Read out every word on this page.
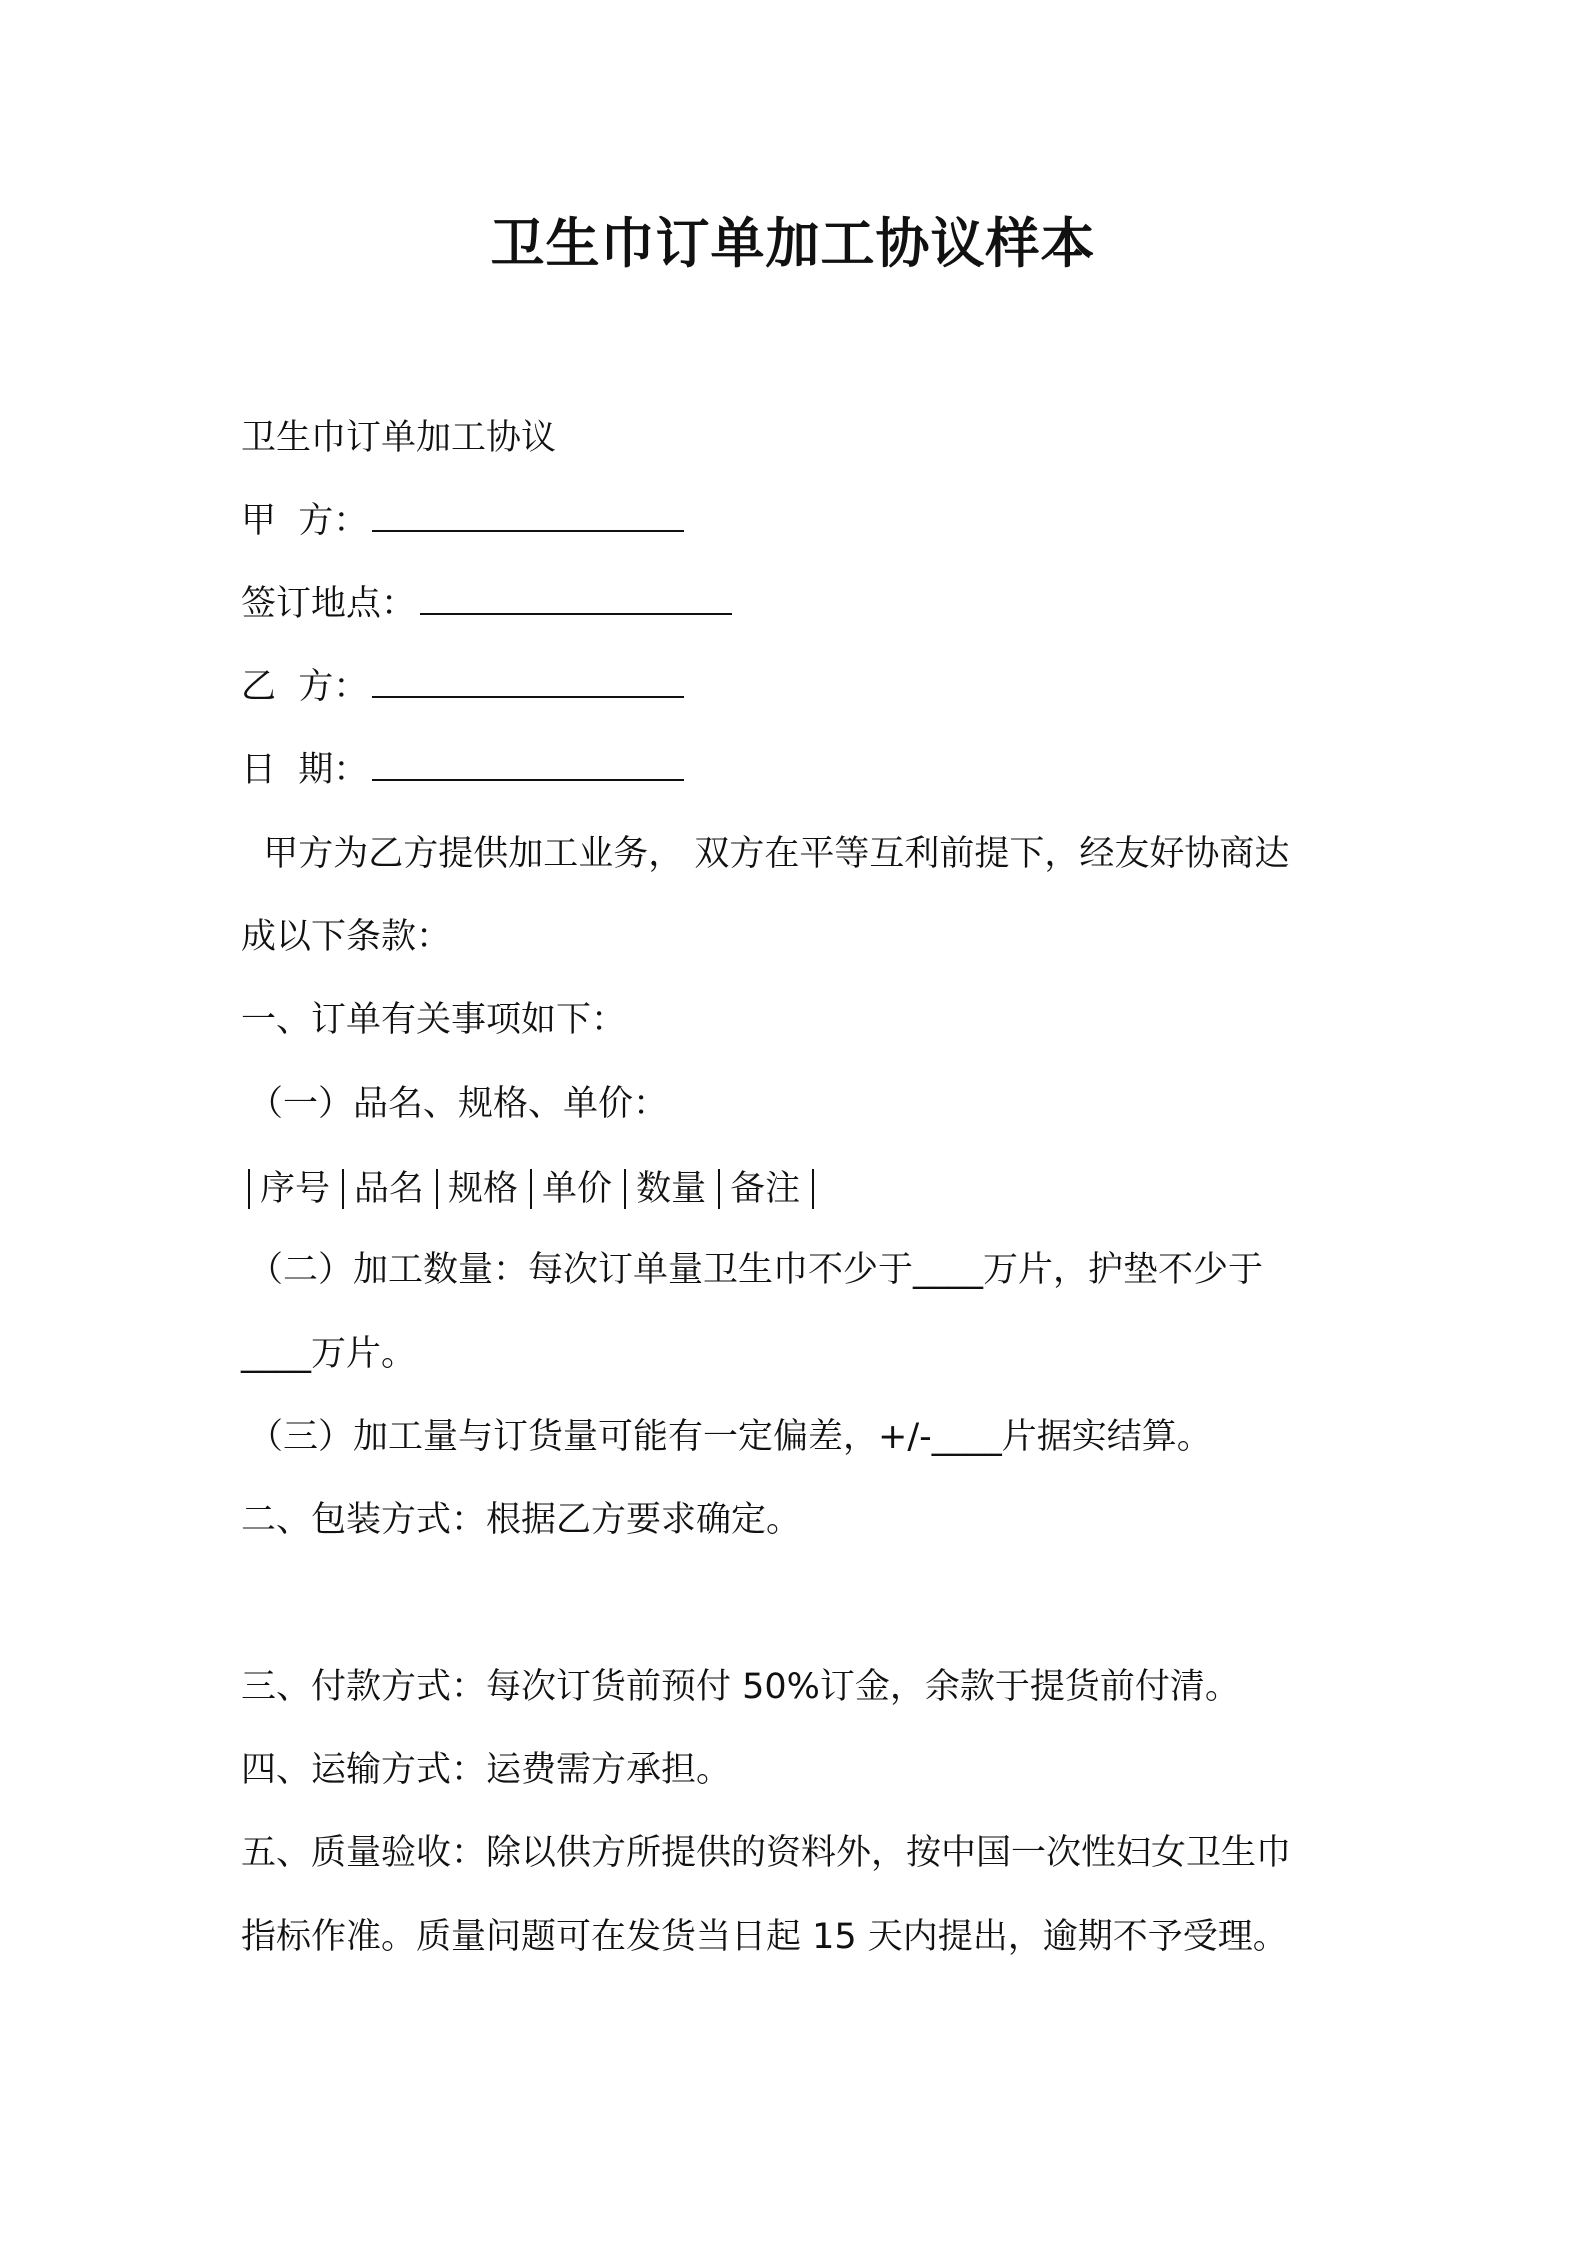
卫生巾订单加工协议样本
卫生巾订单加工协议
甲  方：
签订地点：
乙  方：
日  期：
甲方为乙方提供加工业务， 双方在平等互利前提下，经友好协商达
成以下条款：
一、订单有关事项如下：
（一）品名、规格、单价：
序号 品名 规格 单价 数量 备注
（二）加工数量：每次订单量卫生巾不少于____万片，护垫不少于
____万片。
（三）加工量与订货量可能有一定偏差，+/-____片据实结算。
二、包装方式：根据乙方要求确定。
三、付款方式：每次订货前预付 50%订金，余款于提货前付清。
四、运输方式：运费需方承担。
五、质量验收：除以供方所提供的资料外，按中国一次性妇女卫生巾
指标作准。质量问题可在发货当日起 15 天内提出，逾期不予受理。
